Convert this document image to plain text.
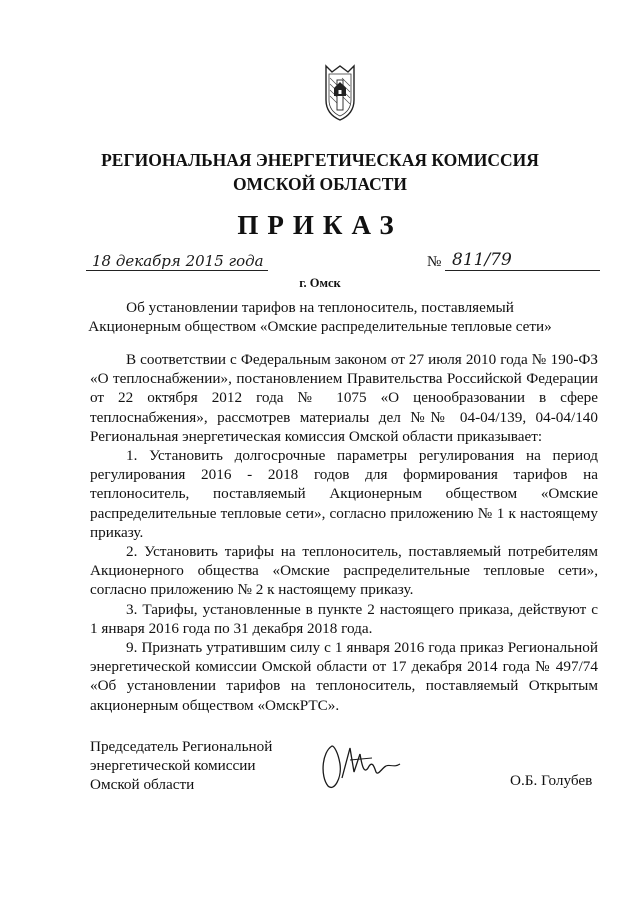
РЕГИОНАЛЬНАЯ ЭНЕРГЕТИЧЕСКАЯ КОМИССИЯ
ОМСКОЙ ОБЛАСТИ
ПРИКАЗ
18 декабря 2015 года	№ 811/79
г. Омск
Об установлении тарифов на теплоноситель, поставляемый
Акционерным обществом «Омские распределительные тепловые сети»

В соответствии с Федеральным законом от 27 июля 2010 года № 190-ФЗ «О теплоснабжении», постановлением Правительства Российской Федерации от 22 октября 2012 года № 1075 «О ценообразовании в сфере теплоснабжения», рассмотрев материалы дел №№ 04-04/139, 04-04/140 Региональная энергетическая комиссия Омской области приказывает:

1. Установить долгосрочные параметры регулирования на период регулирования 2016 - 2018 годов для формирования тарифов на теплоноситель, поставляемый Акционерным обществом «Омские распределительные тепловые сети», согласно приложению № 1 к настоящему приказу.

2. Установить тарифы на теплоноситель, поставляемый потребителям Акционерного общества «Омские распределительные тепловые сети», согласно приложению № 2 к настоящему приказу.

3. Тарифы, установленные в пункте 2 настоящего приказа, действуют с 1 января 2016 года по 31 декабря 2018 года.

9. Признать утратившим силу с 1 января 2016 года приказ Региональной энергетической комиссии Омской области от 17 декабря 2014 года № 497/74 «Об установлении тарифов на теплоноситель, поставляемый Открытым акционерным обществом «ОмскРТС».

Председатель Региональной
энергетической комиссии
Омской области	О.Б. Голубев
